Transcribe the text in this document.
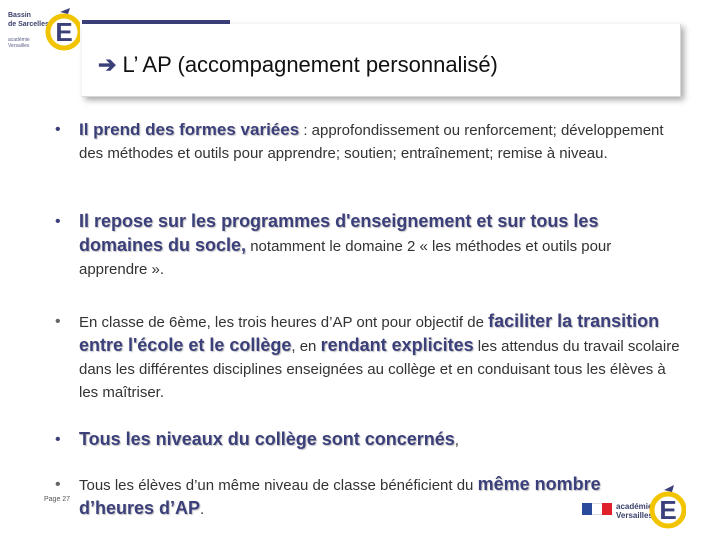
Bassin
de Sarcelles
académie
Versailles E
➔ L’ AP (accompagnement personnalisé)
• Il prend des formes variées : approfondissement ou renforcement; développement des méthodes et outils pour apprendre; soutien; entraînement; remise à niveau.
• Il repose sur les programmes d'enseignement et sur tous les domaines du socle, notamment le domaine 2 « les méthodes et outils pour apprendre ».
• En classe de 6ème, les trois heures d’AP ont pour objectif de faciliter la transition entre l'école et le collège, en rendant explicites les attendus du travail scolaire dans les différentes disciplines enseignées au collège et en conduisant tous les élèves à les maîtriser.
• Tous les niveaux du collège sont concernés,
• Tous les élèves d’un même niveau de classe bénéficient du même nombre d’heures d’AP.
Page 27
académie
Versailles E
